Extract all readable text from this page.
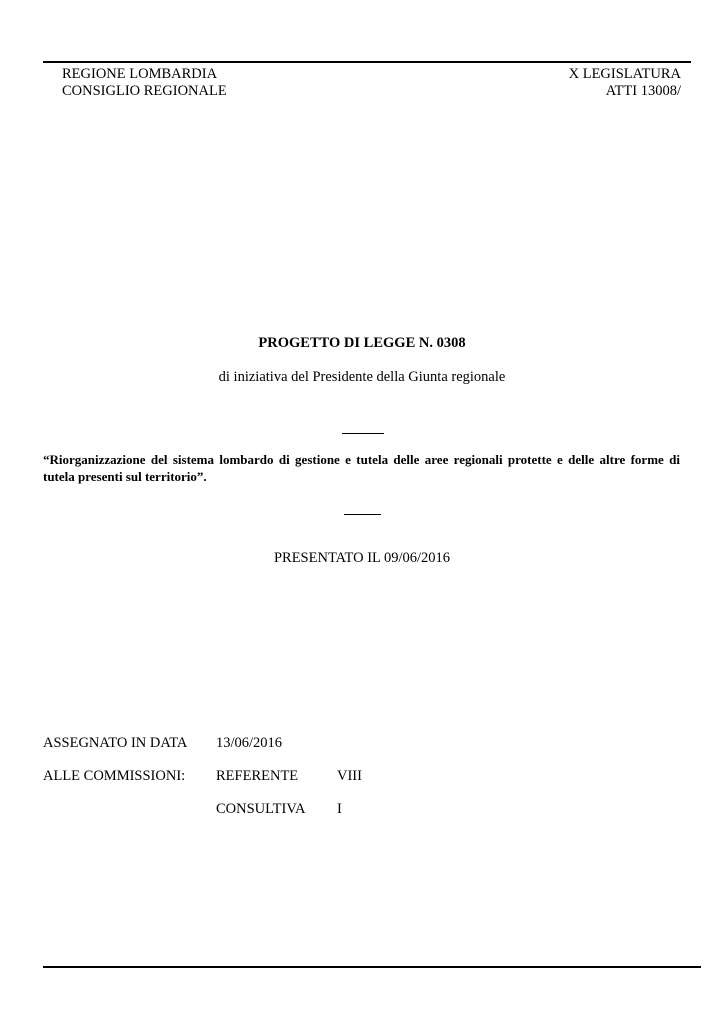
REGIONE LOMBARDIA
CONSIGLIO REGIONALE
X LEGISLATURA
ATTI 13008/
PROGETTO DI LEGGE N. 0308
di iniziativa del Presidente della Giunta regionale
“Riorganizzazione del sistema lombardo di gestione e tutela delle aree regionali protette e delle altre forme di tutela presenti sul territorio”.
PRESENTATO IL 09/06/2016
ASSEGNATO IN DATA 13/06/2016
ALLE COMMISSIONI: REFERENTE	VIII
CONSULTIVA I
